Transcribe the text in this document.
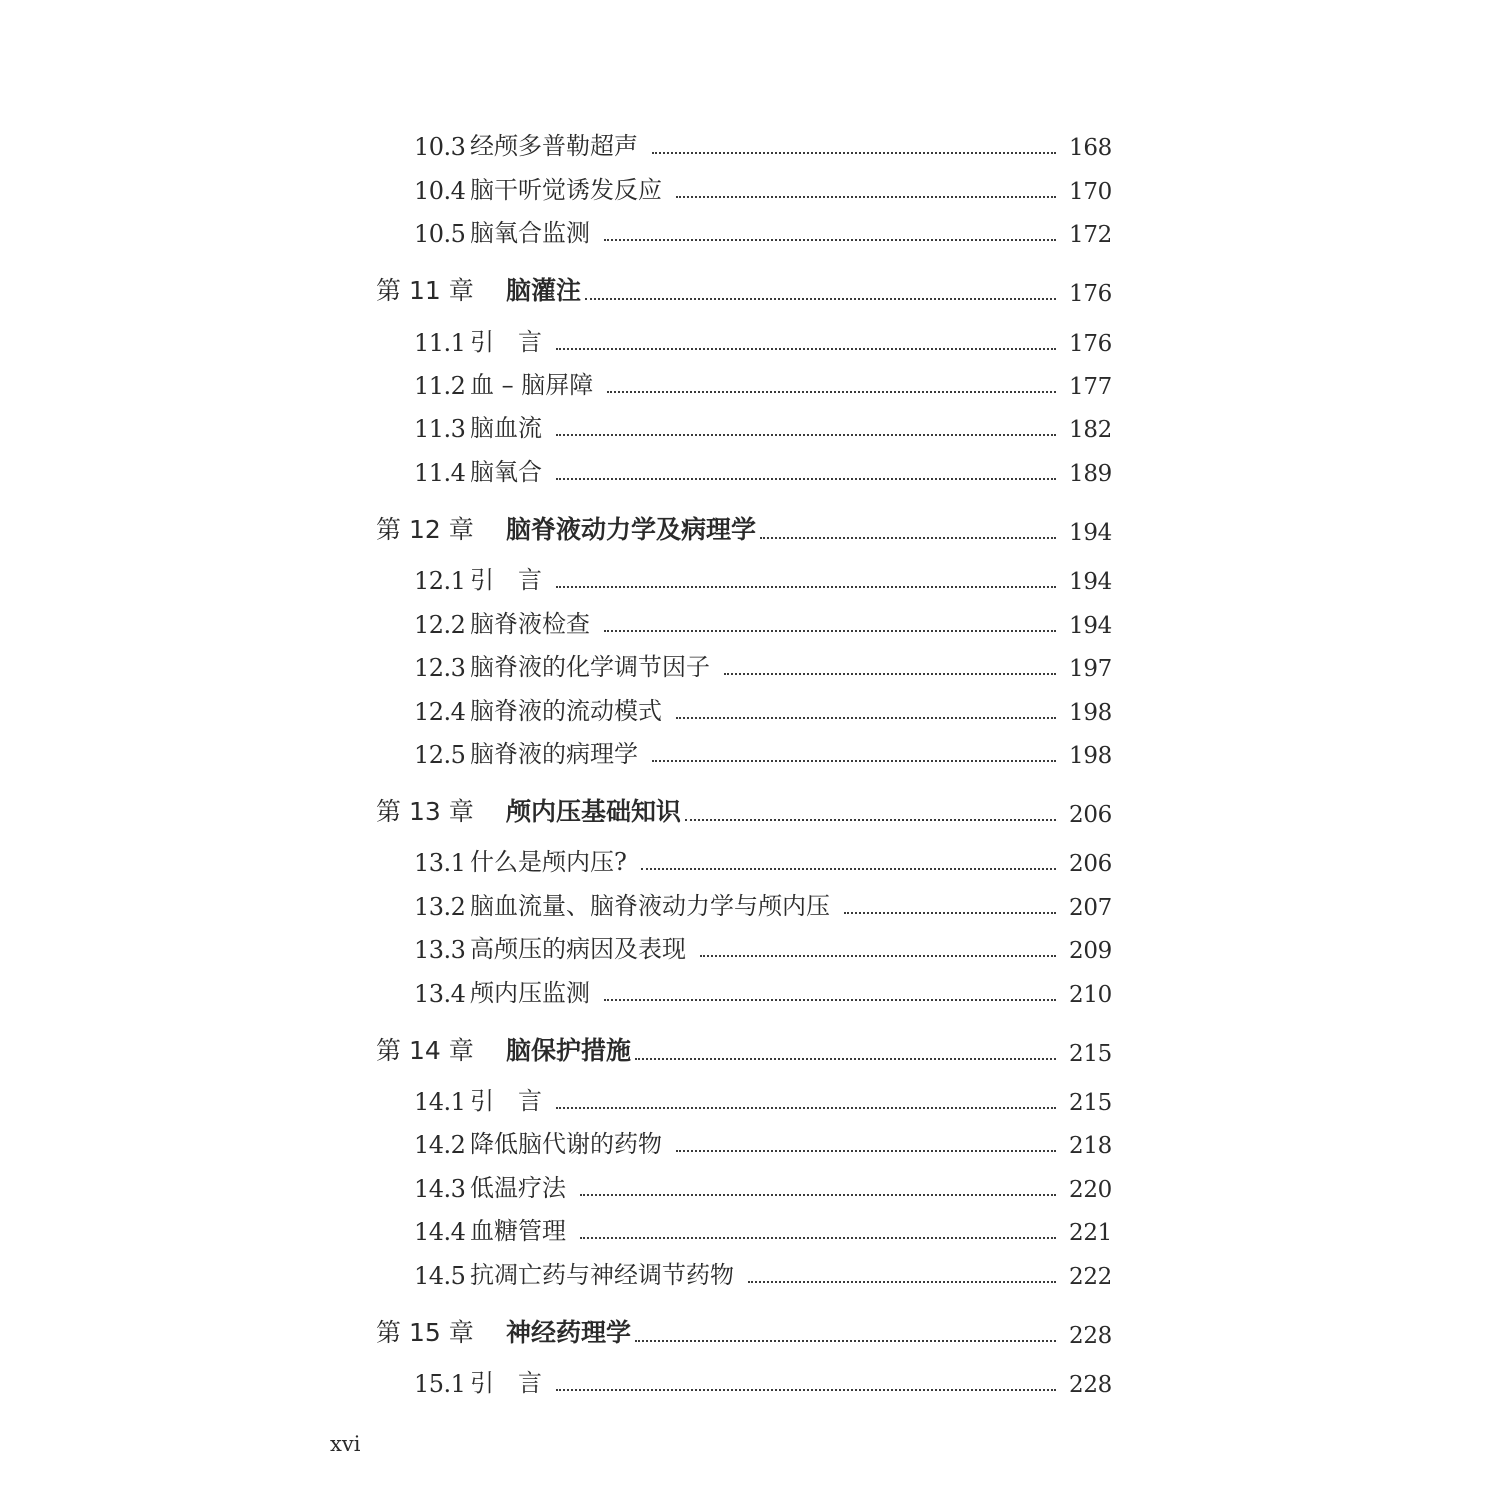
10.3 经颅多普勒超声	168
10.4 脑干听觉诱发反应	170
10.5 脑氧合监测	172
第 11 章	脑灌注	176
11.1 引　言	176
11.2 血 – 脑屏障	177
11.3 脑血流	182
11.4 脑氧合	189
第 12 章	脑脊液动力学及病理学	194
12.1 引　言	194
12.2 脑脊液检查	194
12.3 脑脊液的化学调节因子	197
12.4 脑脊液的流动模式	198
12.5 脑脊液的病理学	198
第 13 章	颅内压基础知识	206
13.1 什么是颅内压?	206
13.2 脑血流量、脑脊液动力学与颅内压	207
13.3 高颅压的病因及表现	209
13.4 颅内压监测	210
第 14 章	脑保护措施	215
14.1 引　言	215
14.2 降低脑代谢的药物	218
14.3 低温疗法	220
14.4 血糖管理	221
14.5 抗凋亡药与神经调节药物	222
第 15 章	神经药理学	228
15.1 引　言	228
xvi
